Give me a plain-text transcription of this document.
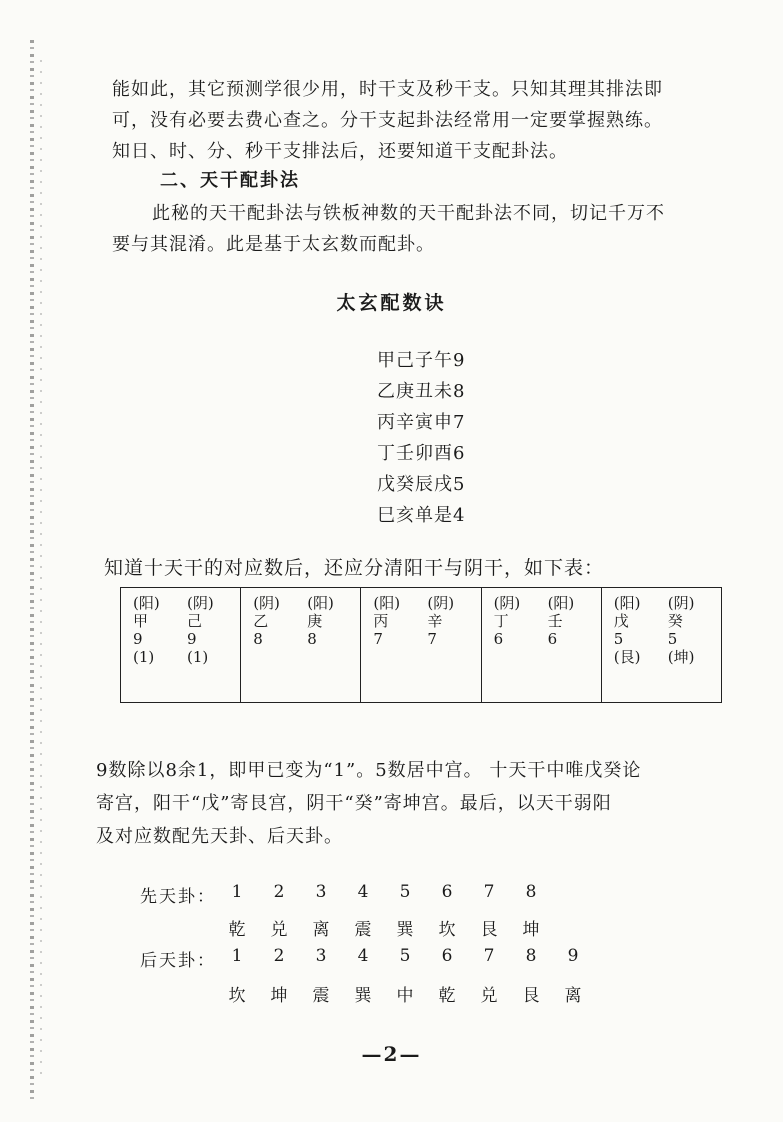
能如此，其它预测学很少用，时干支及秒干支。只知其理其排法即
可，没有必要去费心查之。分干支起卦法经常用一定要掌握熟练。
知日、时、分、秒干支排法后，还要知道干支配卦法。
二、天干配卦法
此秘的天干配卦法与铁板神数的天干配卦法不同，切记千万不
要与其混淆。此是基于太玄数而配卦。
太玄配数诀
甲己子午9
乙庚丑未8
丙辛寅申7
丁壬卯酉6
戊癸辰戌5
巳亥单是4
知道十天干的对应数后，还应分清阳干与阴干，如下表：
(阳)	(阴)
甲	己
9	9
(1)	(1)

(阴)	(阳)
乙	庚
8	8

(阳)	(阴)
丙	辛
7	7

(阴)	(阳)
丁	壬
6	6

(阳)	(阴)
戊	癸
5	5
(艮)	(坤)
9数除以8余1，即甲已变为“1”。5数居中宫。 十天干中唯戊癸论
寄宫，阳干“戊”寄艮宫，阴干“癸”寄坤宫。最后，以天干弱阳
及对应数配先天卦、后天卦。
先天卦： 1	2	3	4	5	6	7	8
乾	兑	离	震	巽	坎	艮	坤
后天卦： 1	2	3	4	5	6	7	8	9
坎	坤	震	巽	中	乾	兑	艮	离
—2—
